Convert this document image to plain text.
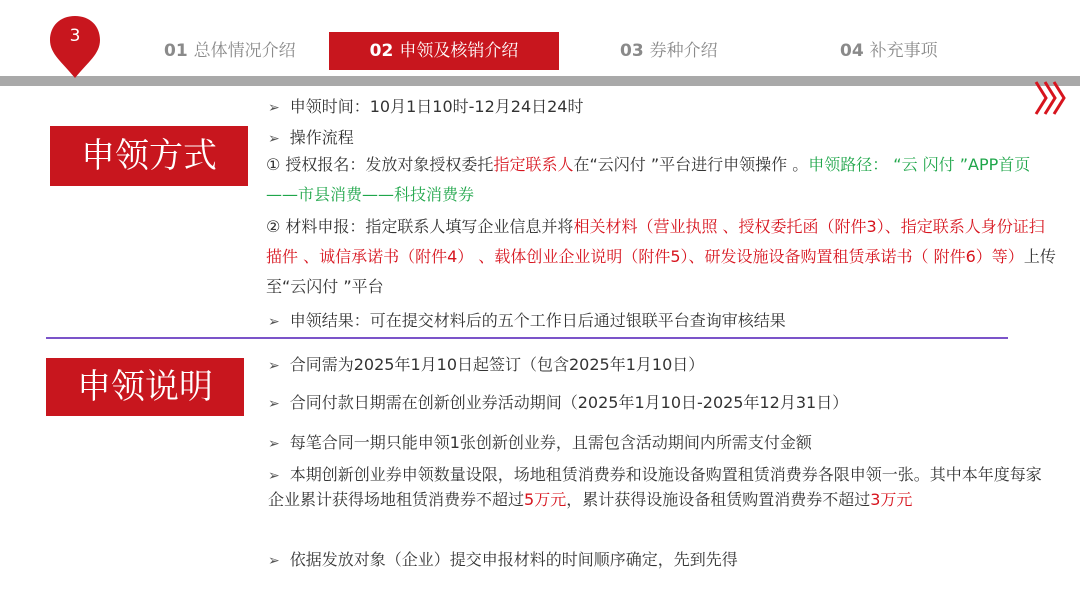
01 总体情况介绍	02 申领及核销介绍	03 券种介绍	04 补充事项
3
申领方式
➢ 申领时间：10月1日10时-12月24日24时
➢ 操作流程
① 授权报名：发放对象授权委托指定联系人在“云闪付 ”平台进行申领操作 。申领路径： “云 闪付 ”APP首页——市县消费——科技消费券
② 材料申报：指定联系人填写企业信息并将相关材料（营业执照 、授权委托函（附件3）、指定联系人身份证扫描件 、诚信承诺书（附件4） 、载体创业企业说明（附件5）、研发设施设备购置租赁承诺书（ 附件6）等）上传至“云闪付 ”平台
➢ 申领结果：可在提交材料后的五个工作日后通过银联平台查询审核结果
申领说明
➢ 合同需为2025年1月10日起签订（包含2025年1月10日）
➢ 合同付款日期需在创新创业券活动期间（2025年1月10日-2025年12月31日）
➢ 每笔合同一期只能申领1张创新创业券，且需包含活动期间内所需支付金额
➢ 本期创新创业券申领数量设限，场地租赁消费券和设施设备购置租赁消费券各限申领一张。其中本年度每家企业累计获得场地租赁消费券不超过5万元，累计获得设施设备租赁购置消费券不超过3万元
➢ 依据发放对象（企业）提交申报材料的时间顺序确定，先到先得
